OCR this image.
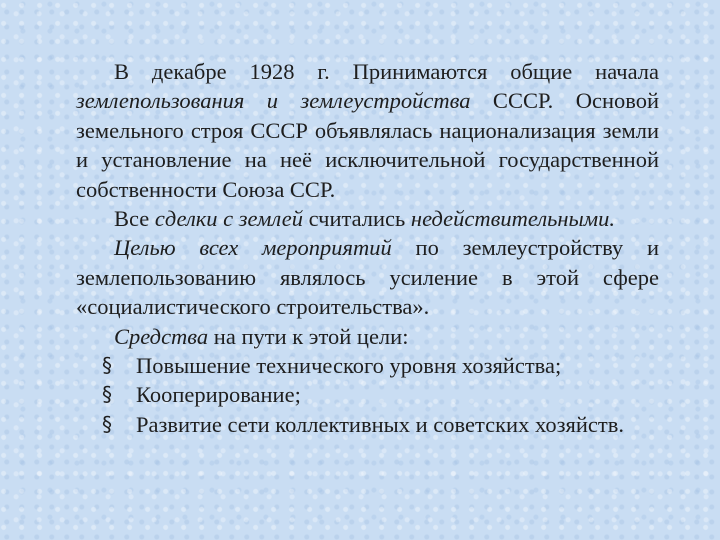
В декабре 1928 г. Принимаются общие начала землепользования и землеустройства СССР. Основой земельного строя СССР объявлялась национализация земли и установление на неё исключительной государственной собственности Союза ССР.

Все сделки с землей считались недействительными.

Целью всех мероприятий по землеустройству и землепользованию являлось усиление в этой сфере «социалистического строительства».

Средства на пути к этой цели:

§ Повышение технического уровня хозяйства;
§ Кооперирование;
§ Развитие сети коллективных и советских хозяйств.
